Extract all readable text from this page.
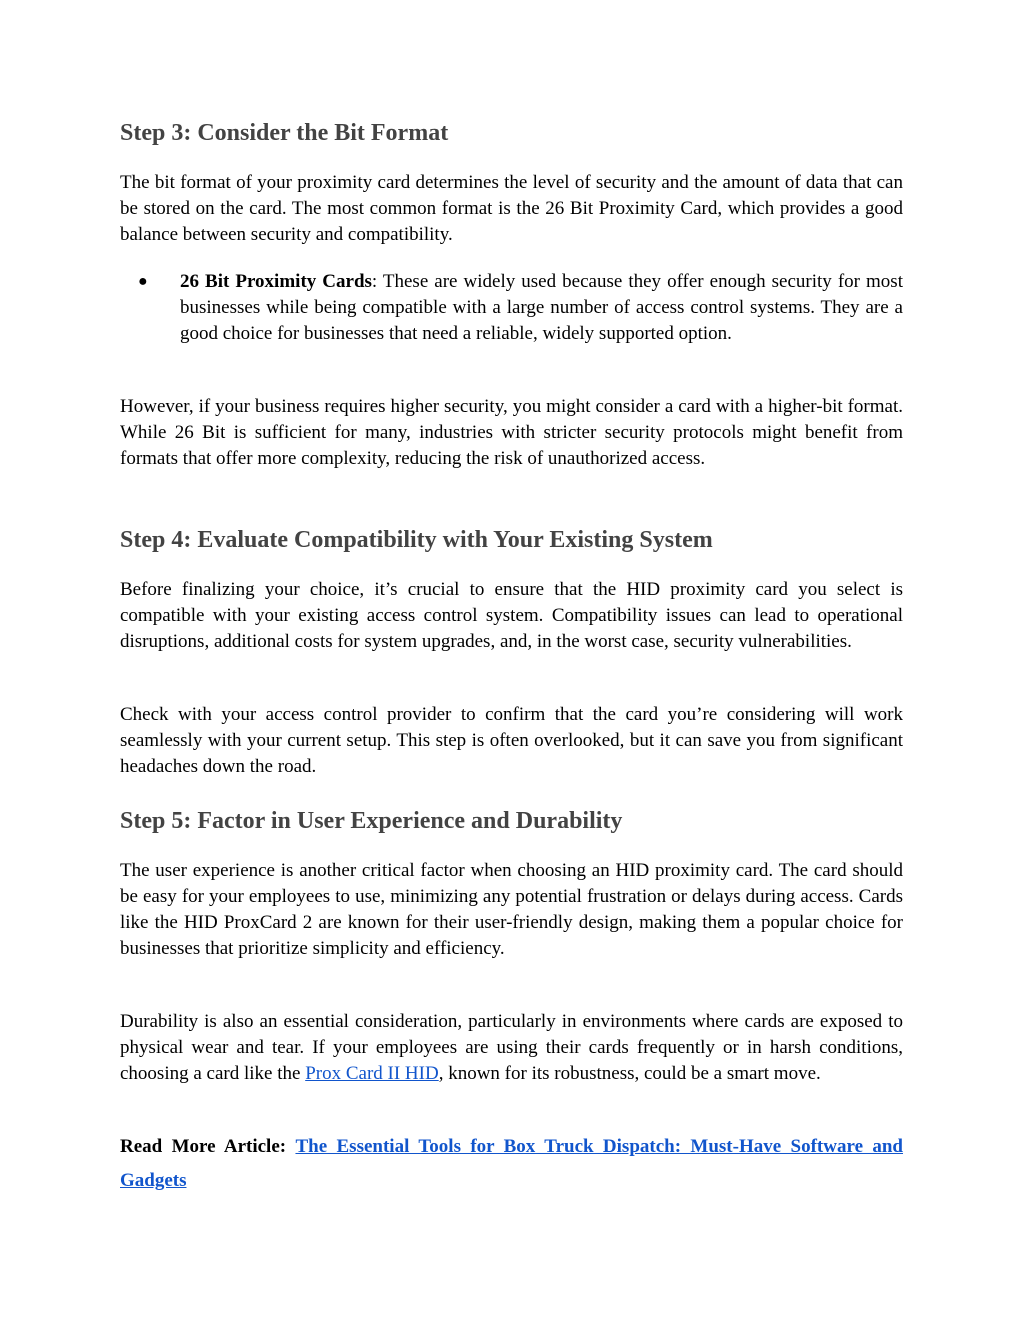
Step 3: Consider the Bit Format

The bit format of your proximity card determines the level of security and the amount of data that can be stored on the card. The most common format is the 26 Bit Proximity Card, which provides a good balance between security and compatibility.

● 26 Bit Proximity Cards: These are widely used because they offer enough security for most businesses while being compatible with a large number of access control systems. They are a good choice for businesses that need a reliable, widely supported option.

However, if your business requires higher security, you might consider a card with a higher-bit format. While 26 Bit is sufficient for many, industries with stricter security protocols might benefit from formats that offer more complexity, reducing the risk of unauthorized access.

Step 4: Evaluate Compatibility with Your Existing System

Before finalizing your choice, it’s crucial to ensure that the HID proximity card you select is compatible with your existing access control system. Compatibility issues can lead to operational disruptions, additional costs for system upgrades, and, in the worst case, security vulnerabilities.

Check with your access control provider to confirm that the card you’re considering will work seamlessly with your current setup. This step is often overlooked, but it can save you from significant headaches down the road.

Step 5: Factor in User Experience and Durability

The user experience is another critical factor when choosing an HID proximity card. The card should be easy for your employees to use, minimizing any potential frustration or delays during access. Cards like the HID ProxCard 2 are known for their user-friendly design, making them a popular choice for businesses that prioritize simplicity and efficiency.

Durability is also an essential consideration, particularly in environments where cards are exposed to physical wear and tear. If your employees are using their cards frequently or in harsh conditions, choosing a card like the Prox Card II HID, known for its robustness, could be a smart move.

Read More Article: The Essential Tools for Box Truck Dispatch: Must-Have Software and Gadgets
